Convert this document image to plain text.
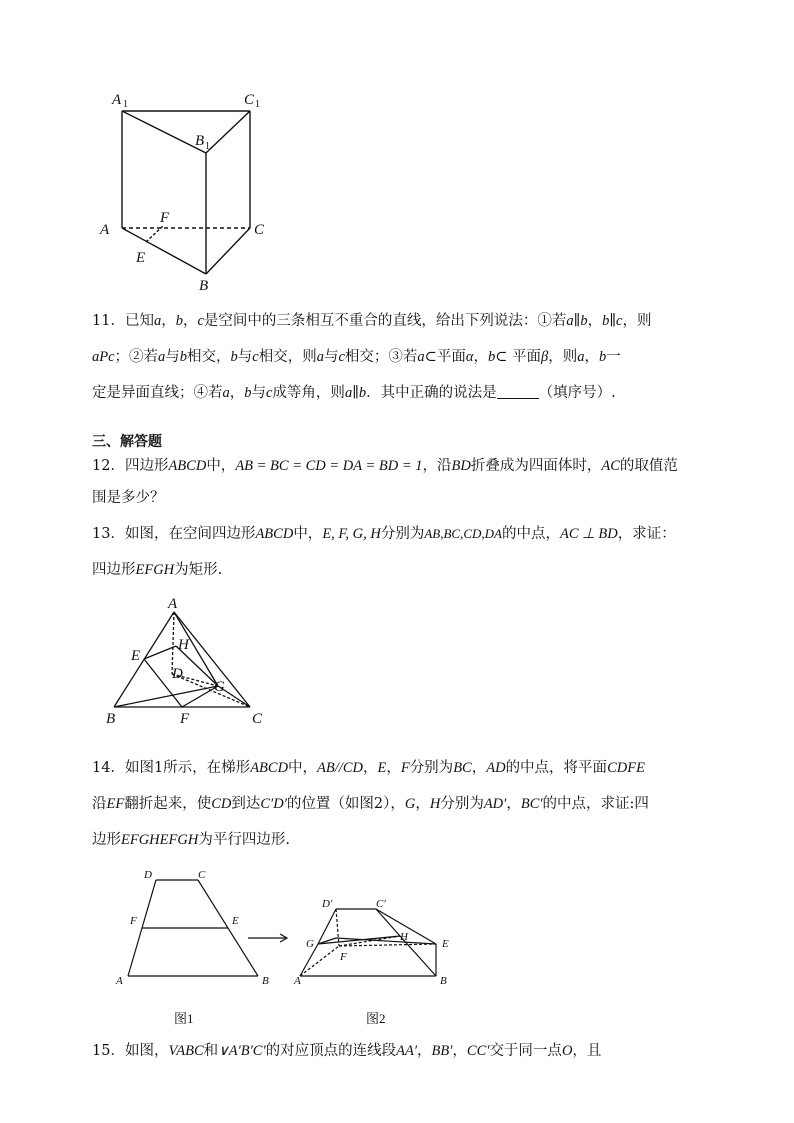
A 1	C 1
B 1
A	C
B
F
E
11．已知a，b，c是空间中的三条相互不重合的直线，给出下列说法：①若a∥b，b∥c，则
aPc；②若a与b相交，b与c相交，则a与c相交；③若a⊂平面α，b⊂ 平面β，则a，b一
定是异面直线；④若a，b与c成等角，则a∥b．其中正确的说法是	（填序号）.
三、解答题
12．四边形ABCD中，AB = BC = CD = DA = BD = 1，沿BD折叠成为四面体时，AC的取值范
围是多少？
13．如图，在空间四边形ABCD中，E, F, G, H分别为AB,BC,CD,DA的中点，AC ⊥ BD，求证：
四边形EFGH为矩形.
A
H
E
D
G
B	F	C
14．如图1所示，在梯形ABCD中，AB//CD，E，F分别为BC，AD的中点，将平面CDFE
沿EF翻折起来，使CD到达C′D′的位置（如图2），G，H分别为AD′，BC′的中点，求证:四
边形EFGHEFGH为平行四边形.
D	C
F	E
A	B
D′	C′
G
H
E
F
A	B
图1	图2
15．如图，VABC和∨A′B′C′的对应顶点的连线段AA′，BB′，CC′交于同一点O，且
